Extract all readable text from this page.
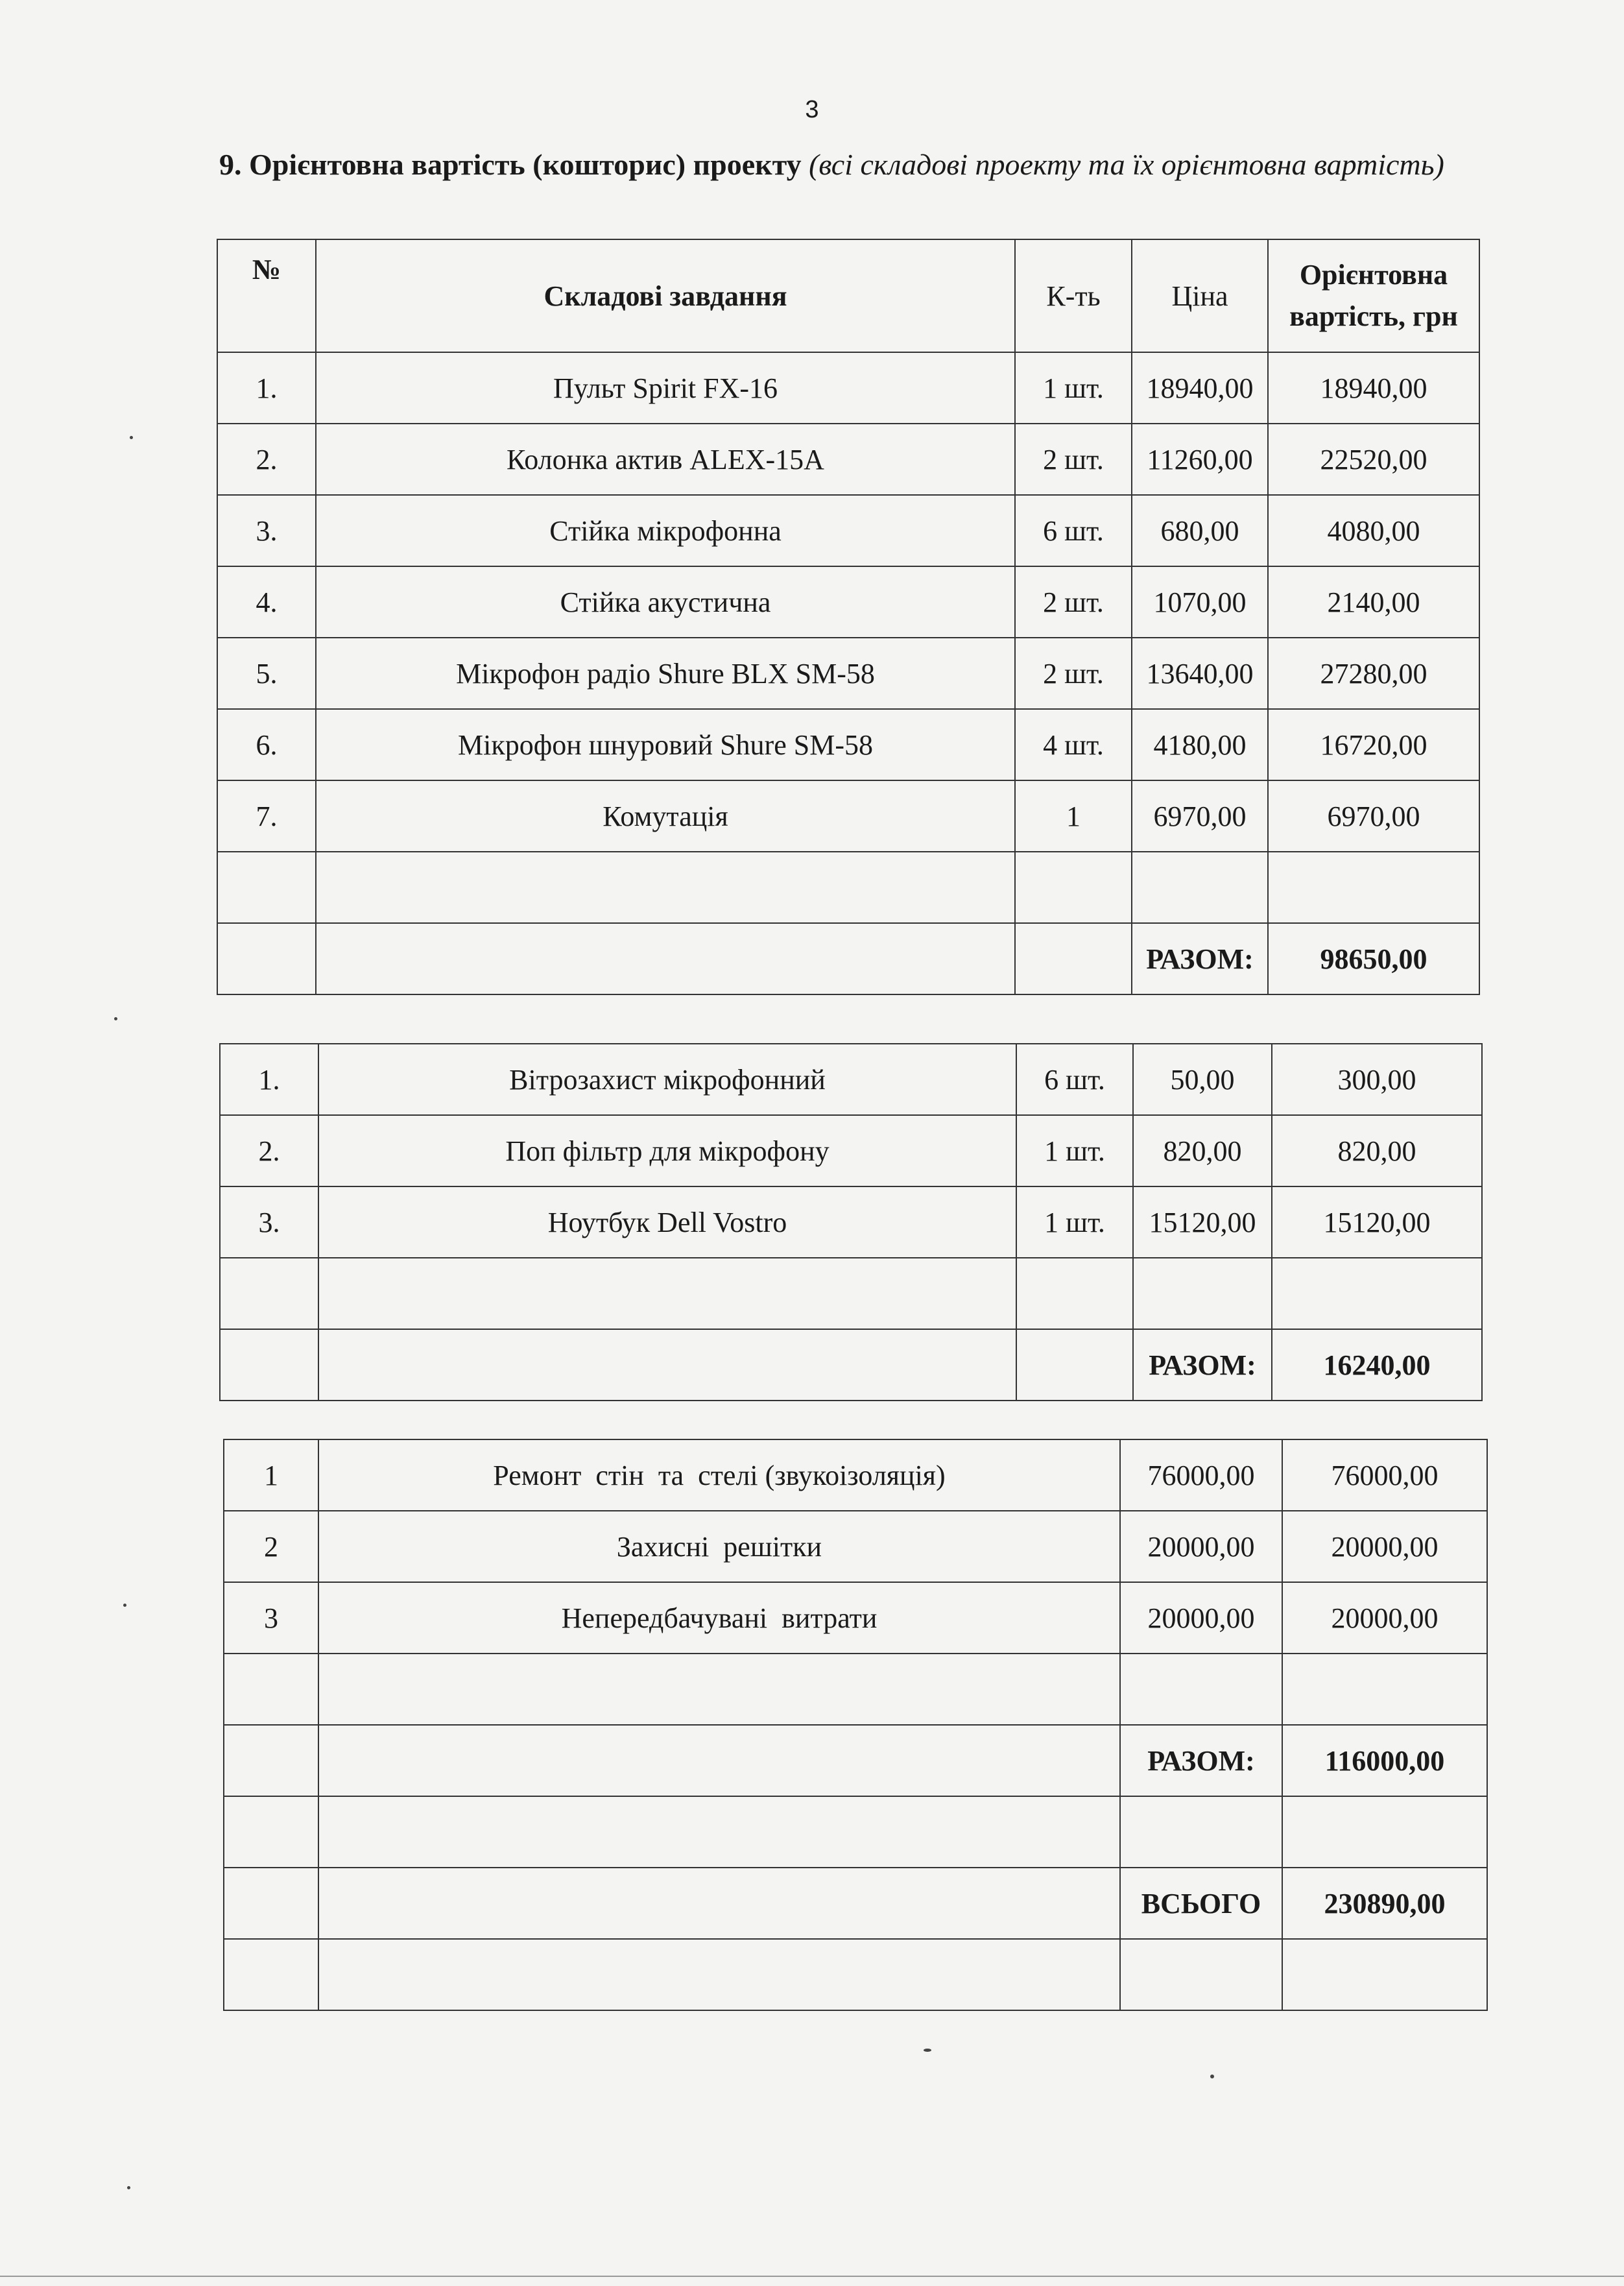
3
9. Орієнтовна вартість (кошторис) проекту (всі складові проекту та їх орієнтовна вартість)
№	Складові завдання	К-ть	Ціна	Орієнтовна
вартість, грн

1.	Пульт Spirit FX-16	1 шт.	18940,00	18940,00
2.	Колонка актив ALEX-15A	2 шт.	11260,00	22520,00
3.	Стійка мікрофонна	6 шт.	680,00	4080,00
4.	Стійка акустична	2 шт.	1070,00	2140,00
5.	Мікрофон радіо Shure BLX SM-58	2 шт.	13640,00	27280,00
6.	Мікрофон шнуровий Shure SM-58	4 шт.	4180,00	16720,00
7.	Комутація	1	6970,00	6970,00

			РАЗОМ:	98650,00
1.	Вітрозахист мікрофонний	6 шт.	50,00	300,00
2.	Поп фільтр для мікрофону	1 шт.	820,00	820,00
3.	Ноутбук Dell Vostro	1 шт.	15120,00	15120,00

			РАЗОМ:	16240,00
1	Ремонт  стін  та  стелі (звукоізоляція)	76000,00	76000,00
2	Захисні  решітки	20000,00	20000,00
3	Непередбачувані  витрати	20000,00	20000,00

		РАЗОМ:	116000,00

		ВСЬОГО	230890,00
